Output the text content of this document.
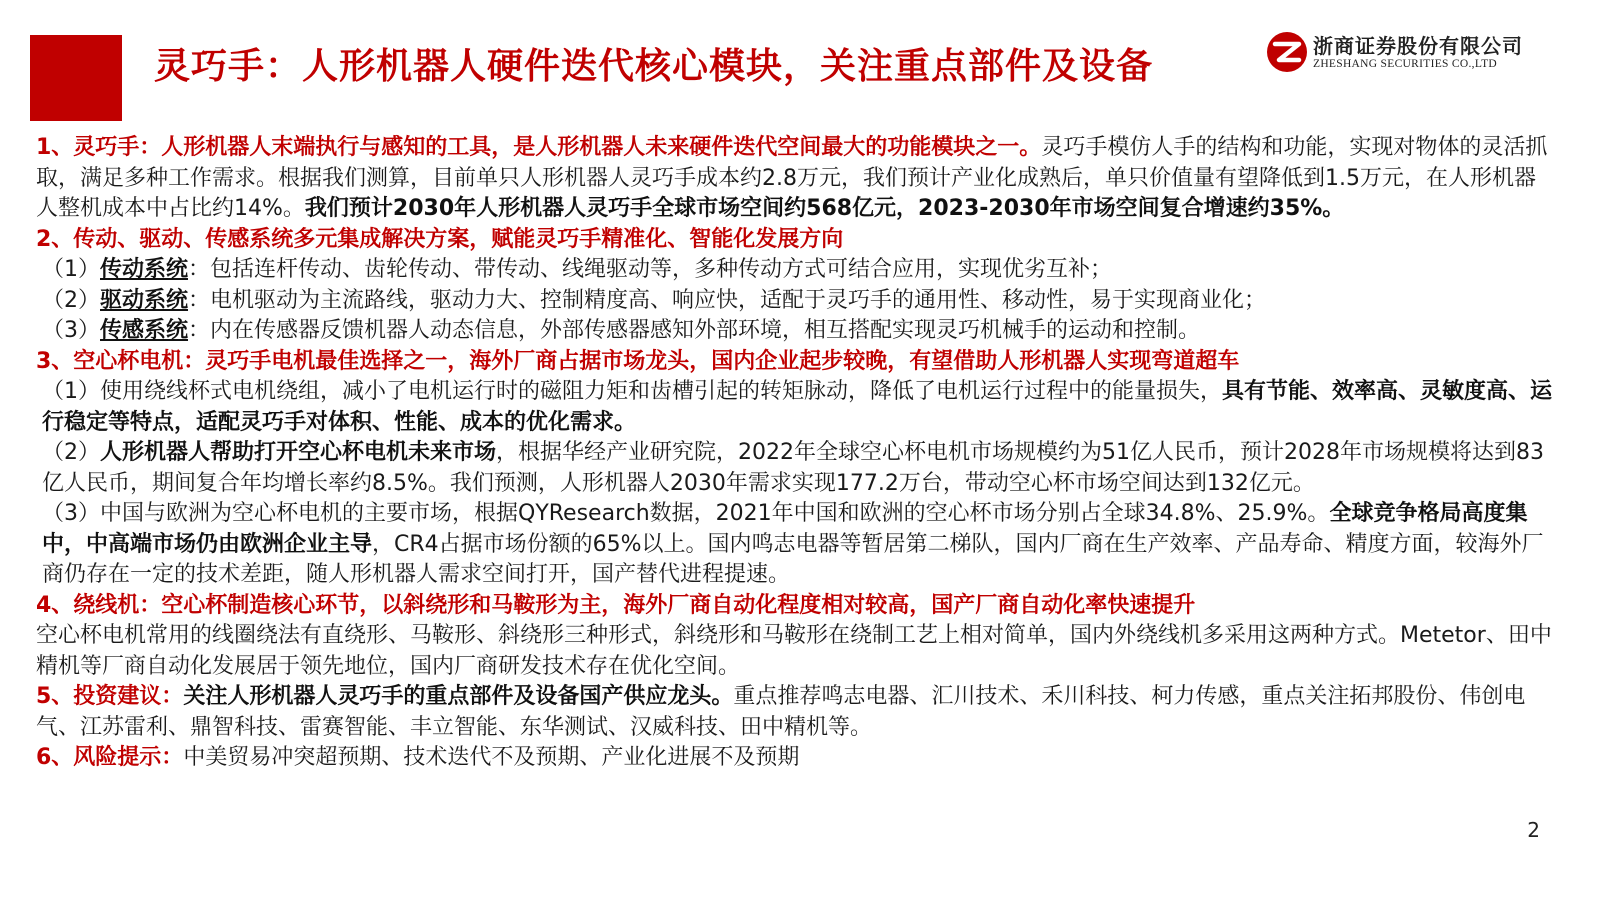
灵巧手：人形机器人硬件迭代核心模块，关注重点部件及设备	浙商证券股份有限公司
ZHESHANG SECURITIES CO.,LTD

1、灵巧手：人形机器人末端执行与感知的工具，是人形机器人未来硬件迭代空间最大的功能模块之一。灵巧手模仿人手的结构和功能，实现对物体的灵活抓取，满足多种工作需求。根据我们测算，目前单只人形机器人灵巧手成本约2.8万元，我们预计产业化成熟后，单只价值量有望降低到1.5万元，在人形机器人整机成本中占比约14%。我们预计2030年人形机器人灵巧手全球市场空间约568亿元，2023-2030年市场空间复合增速约35%。

2、传动、驱动、传感系统多元集成解决方案，赋能灵巧手精准化、智能化发展方向

（1）传动系统：包括连杆传动、齿轮传动、带传动、线绳驱动等，多种传动方式可结合应用，实现优劣互补；

（2）驱动系统：电机驱动为主流路线，驱动力大、控制精度高、响应快，适配于灵巧手的通用性、移动性，易于实现商业化；

（3）传感系统：内在传感器反馈机器人动态信息，外部传感器感知外部环境，相互搭配实现灵巧机械手的运动和控制。

3、空心杯电机：灵巧手电机最佳选择之一，海外厂商占据市场龙头，国内企业起步较晚，有望借助人形机器人实现弯道超车

（1）使用绕线杯式电机绕组，减小了电机运行时的磁阻力矩和齿槽引起的转矩脉动，降低了电机运行过程中的能量损失，具有节能、效率高、灵敏度高、运行稳定等特点，适配灵巧手对体积、性能、成本的优化需求。

（2）人形机器人帮助打开空心杯电机未来市场，根据华经产业研究院，2022年全球空心杯电机市场规模约为51亿人民币，预计2028年市场规模将达到83亿人民币，期间复合年均增长率约8.5%。我们预测，人形机器人2030年需求实现177.2万台，带动空心杯市场空间达到132亿元。

（3）中国与欧洲为空心杯电机的主要市场，根据QYResearch数据，2021年中国和欧洲的空心杯市场分别占全球34.8%、25.9%。全球竞争格局高度集中，中高端市场仍由欧洲企业主导，CR4占据市场份额的65%以上。国内鸣志电器等暂居第二梯队，国内厂商在生产效率、产品寿命、精度方面，较海外厂商仍存在一定的技术差距，随人形机器人需求空间打开，国产替代进程提速。

4、绕线机：空心杯制造核心环节，以斜绕形和马鞍形为主，海外厂商自动化程度相对较高，国产厂商自动化率快速提升

空心杯电机常用的线圈绕法有直绕形、马鞍形、斜绕形三种形式，斜绕形和马鞍形在绕制工艺上相对简单，国内外绕线机多采用这两种方式。Metetor、田中精机等厂商自动化发展居于领先地位，国内厂商研发技术存在优化空间。

5、投资建议：关注人形机器人灵巧手的重点部件及设备国产供应龙头。重点推荐鸣志电器、汇川技术、禾川科技、柯力传感，重点关注拓邦股份、伟创电气、江苏雷利、鼎智科技、雷赛智能、丰立智能、东华测试、汉威科技、田中精机等。

6、风险提示：中美贸易冲突超预期、技术迭代不及预期、产业化进展不及预期

2
